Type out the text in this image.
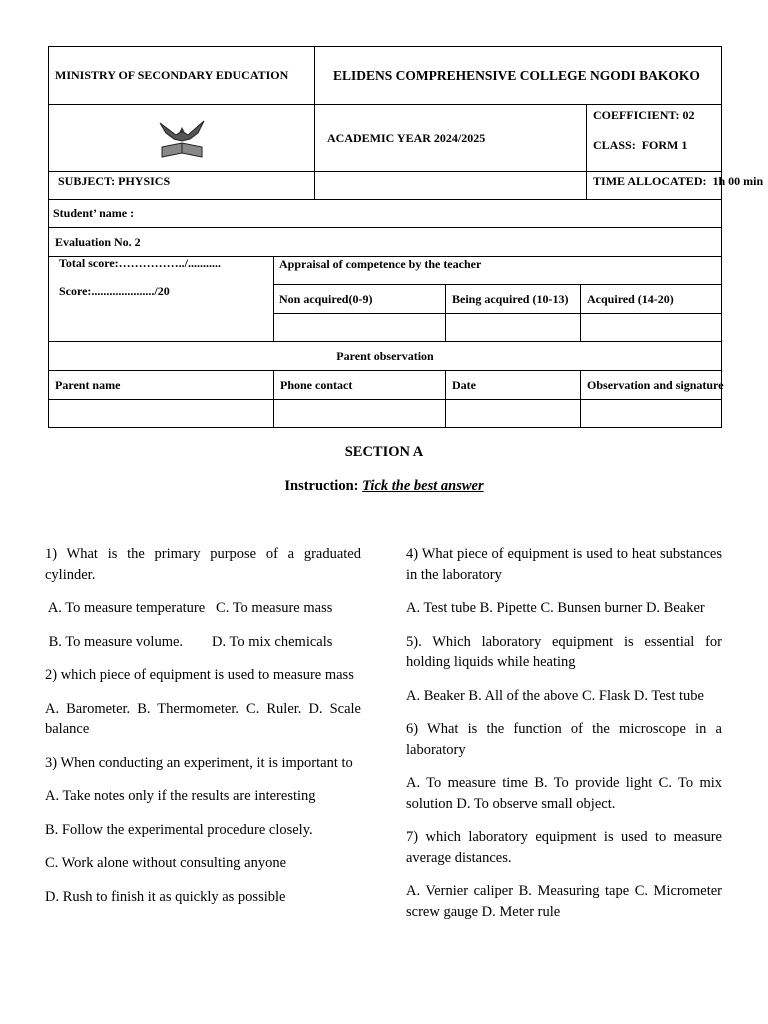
MINISTRY OF SECONDARY EDUCATION		ELIDENS COMPREHENSIVE COLLEGE NGODI BAKOKO			

	ACADEMIC YEAR 2024/2025			COEFFICIENT: 02
CLASS:  FORM 1

SUBJECT: PHYSICS					TIME ALLOCATED:  1h 00 min
Student’ name :					
Evaluation No. 2					

Total score:……………../...........
Score:...................../20	Appraisal of competence by the teacher				
	Non acquired(0-9)		Being acquired (10-13)	Acquired (14-20)	

Parent observation					
Parent name	Phone contact		Date	Observation and signature	

SECTION A
Instruction: Tick the best answer

1) What is the primary purpose of a graduated cylinder.

A. To measure temperature   C. To measure mass

B. To measure volume.        D. To mix chemicals

2) which piece of equipment is used to measure mass

A. Barometer. B. Thermometer. C. Ruler. D. Scale balance

3) When conducting an experiment, it is important to

A. Take notes only if the results are interesting

B. Follow the experimental procedure closely.

C. Work alone without consulting anyone

D. Rush to finish it as quickly as possible

4) What piece of equipment is used to heat substances in the laboratory

A. Test tube B. Pipette C. Bunsen burner D. Beaker

5). Which laboratory equipment is essential for holding liquids while heating

A. Beaker B. All of the above C. Flask D. Test tube

6) What is the function of the microscope in a laboratory

A. To measure time B. To provide light C. To mix solution D. To observe small object.

7) which laboratory equipment is used to measure average distances.

A. Vernier caliper B. Measuring tape C. Micrometer screw gauge D. Meter rule
